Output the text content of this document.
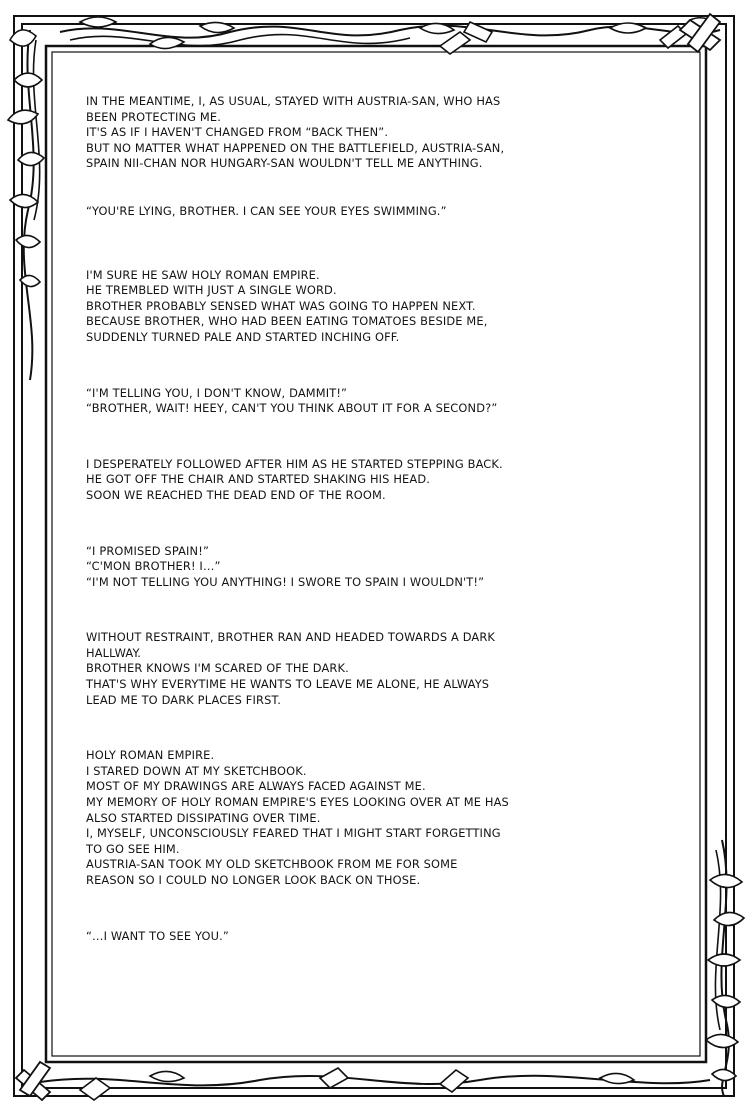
IN THE MEANTIME, I, AS USUAL, STAYED WITH AUSTRIA-SAN, WHO HAS
BEEN PROTECTING ME.
IT'S AS IF I HAVEN'T CHANGED FROM “BACK THEN”.
BUT NO MATTER WHAT HAPPENED ON THE BATTLEFIELD, AUSTRIA-SAN,
SPAIN NII-CHAN NOR HUNGARY-SAN WOULDN'T TELL ME ANYTHING.

“YOU'RE LYING, BROTHER. I CAN SEE YOUR EYES SWIMMING.”

I'M SURE HE SAW HOLY ROMAN EMPIRE.
HE TREMBLED WITH JUST A SINGLE WORD.
BROTHER PROBABLY SENSED WHAT WAS GOING TO HAPPEN NEXT.
BECAUSE BROTHER, WHO HAD BEEN EATING TOMATOES BESIDE ME,
SUDDENLY TURNED PALE AND STARTED INCHING OFF.

“I'M TELLING YOU, I DON'T KNOW, DAMMIT!”
“BROTHER, WAIT! HEEY, CAN'T YOU THINK ABOUT IT FOR A SECOND?”

I DESPERATELY FOLLOWED AFTER HIM AS HE STARTED STEPPING BACK.
HE GOT OFF THE CHAIR AND STARTED SHAKING HIS HEAD.
SOON WE REACHED THE DEAD END OF THE ROOM.

“I PROMISED SPAIN!”
“C'MON BROTHER! I…”
“I'M NOT TELLING YOU ANYTHING! I SWORE TO SPAIN I WOULDN'T!”

WITHOUT RESTRAINT, BROTHER RAN AND HEADED TOWARDS A DARK
HALLWAY.
BROTHER KNOWS I'M SCARED OF THE DARK.
THAT'S WHY EVERYTIME HE WANTS TO LEAVE ME ALONE, HE ALWAYS
LEAD ME TO DARK PLACES FIRST.

HOLY ROMAN EMPIRE.
I STARED DOWN AT MY SKETCHBOOK.
MOST OF MY DRAWINGS ARE ALWAYS FACED AGAINST ME.
MY MEMORY OF HOLY ROMAN EMPIRE'S EYES LOOKING OVER AT ME HAS
ALSO STARTED DISSIPATING OVER TIME.
I, MYSELF, UNCONSCIOUSLY FEARED THAT I MIGHT START FORGETTING
TO GO SEE HIM.
AUSTRIA-SAN TOOK MY OLD SKETCHBOOK FROM ME FOR SOME
REASON SO I COULD NO LONGER LOOK BACK ON THOSE.

“…I WANT TO SEE YOU.”
